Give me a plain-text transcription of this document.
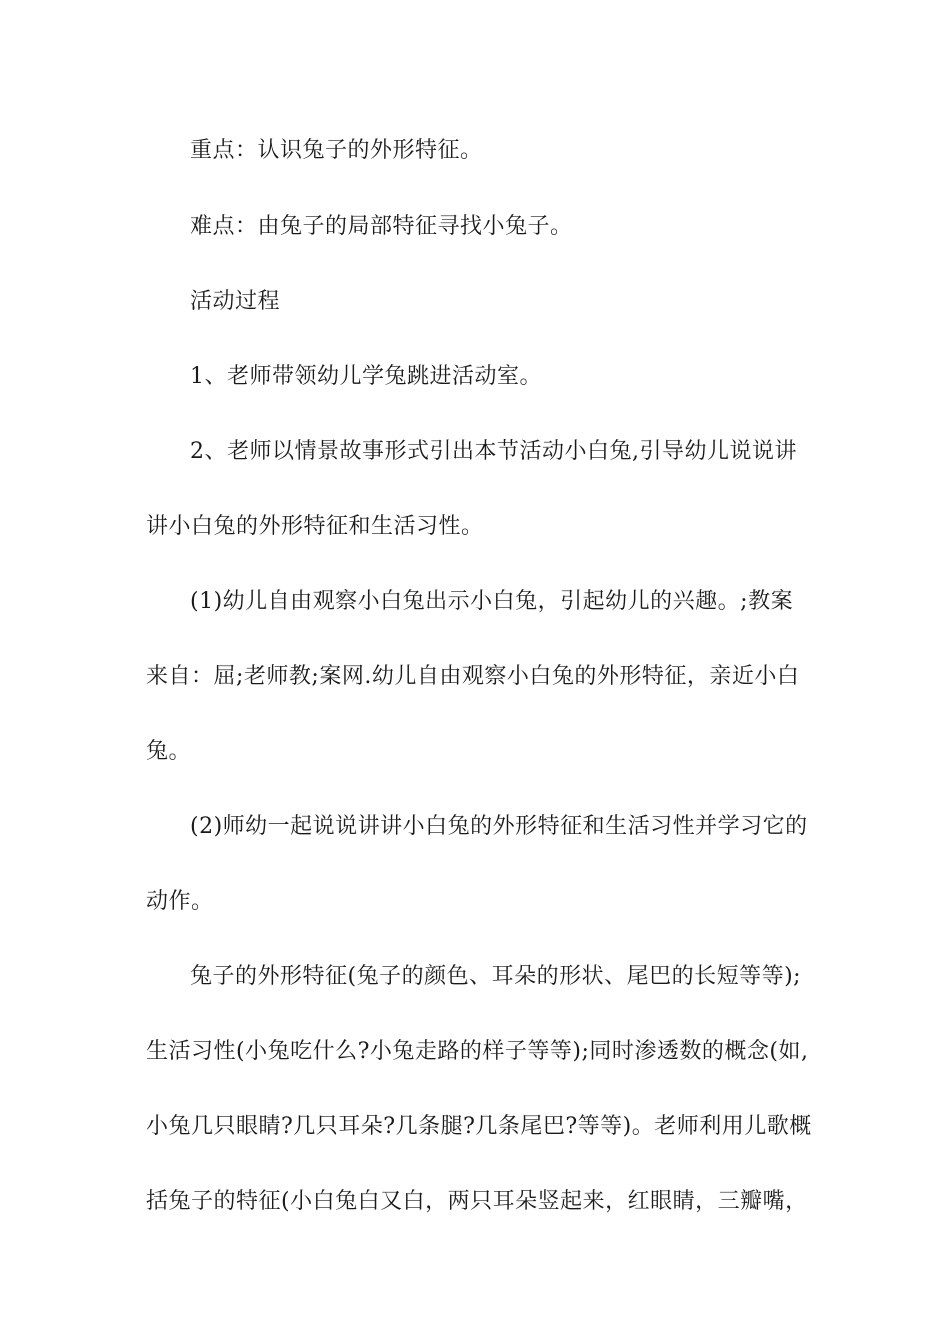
重点：认识兔子的外形特征。
难点：由兔子的局部特征寻找小兔子。
活动过程
1、老师带领幼儿学兔跳进活动室。
2、老师以情景故事形式引出本节活动小白兔,引导幼儿说说讲
讲小白兔的外形特征和生活习性。
(1)幼儿自由观察小白兔出示小白兔，引起幼儿的兴趣。;教案
来自：屈;老师教;案网.幼儿自由观察小白兔的外形特征，亲近小白
兔。
(2)师幼一起说说讲讲小白兔的外形特征和生活习性并学习它的
动作。
兔子的外形特征(兔子的颜色、耳朵的形状、尾巴的长短等等);
生活习性(小兔吃什么?小兔走路的样子等等);同时渗透数的概念(如,
小兔几只眼睛?几只耳朵?几条腿?几条尾巴?等等)。老师利用儿歌概
括兔子的特征(小白兔白又白，两只耳朵竖起来，红眼睛，三瓣嘴，
